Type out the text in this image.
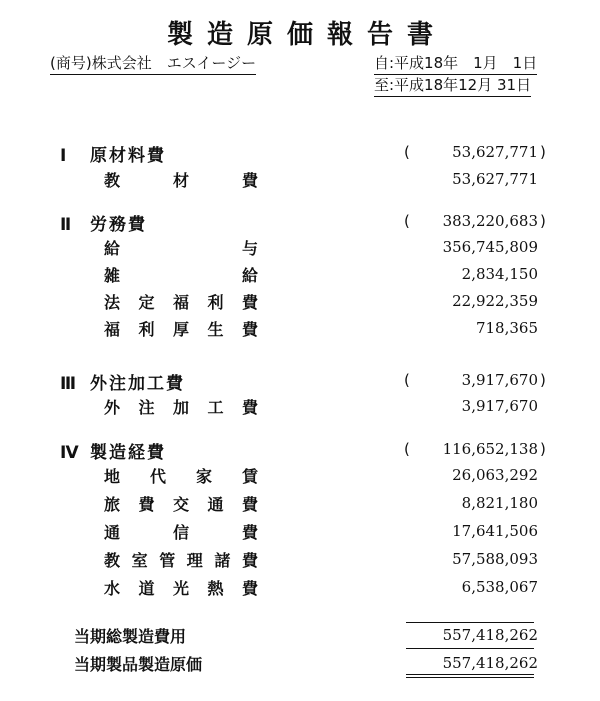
製造原価報告書
(商号)株式会社　エスイージー	自:平成18年　1月　1日
至:平成18年12月 31日
Ⅰ 原材料費	(	53,627,771 )
教	材	費	53,627,771
Ⅱ 労務費	(	383,220,683 )
給	与	356,745,809
雑	給	2,834,150
法 定 福 利 費	22,922,359
福 利 厚 生 費	718,365
Ⅲ 外注加工費	(	3,917,670 )
外 注 加 工 費	3,917,670
Ⅳ 製造経費	(	116,652,138 )
地 代 家 賃	26,063,292
旅 費 交 通 費	8,821,180
通	信	費	17,641,506
教 室 管 理 諸 費	57,588,093
水 道 光 熱 費	6,538,067
当期総製造費用	557,418,262
当期製品製造原価	557,418,262
